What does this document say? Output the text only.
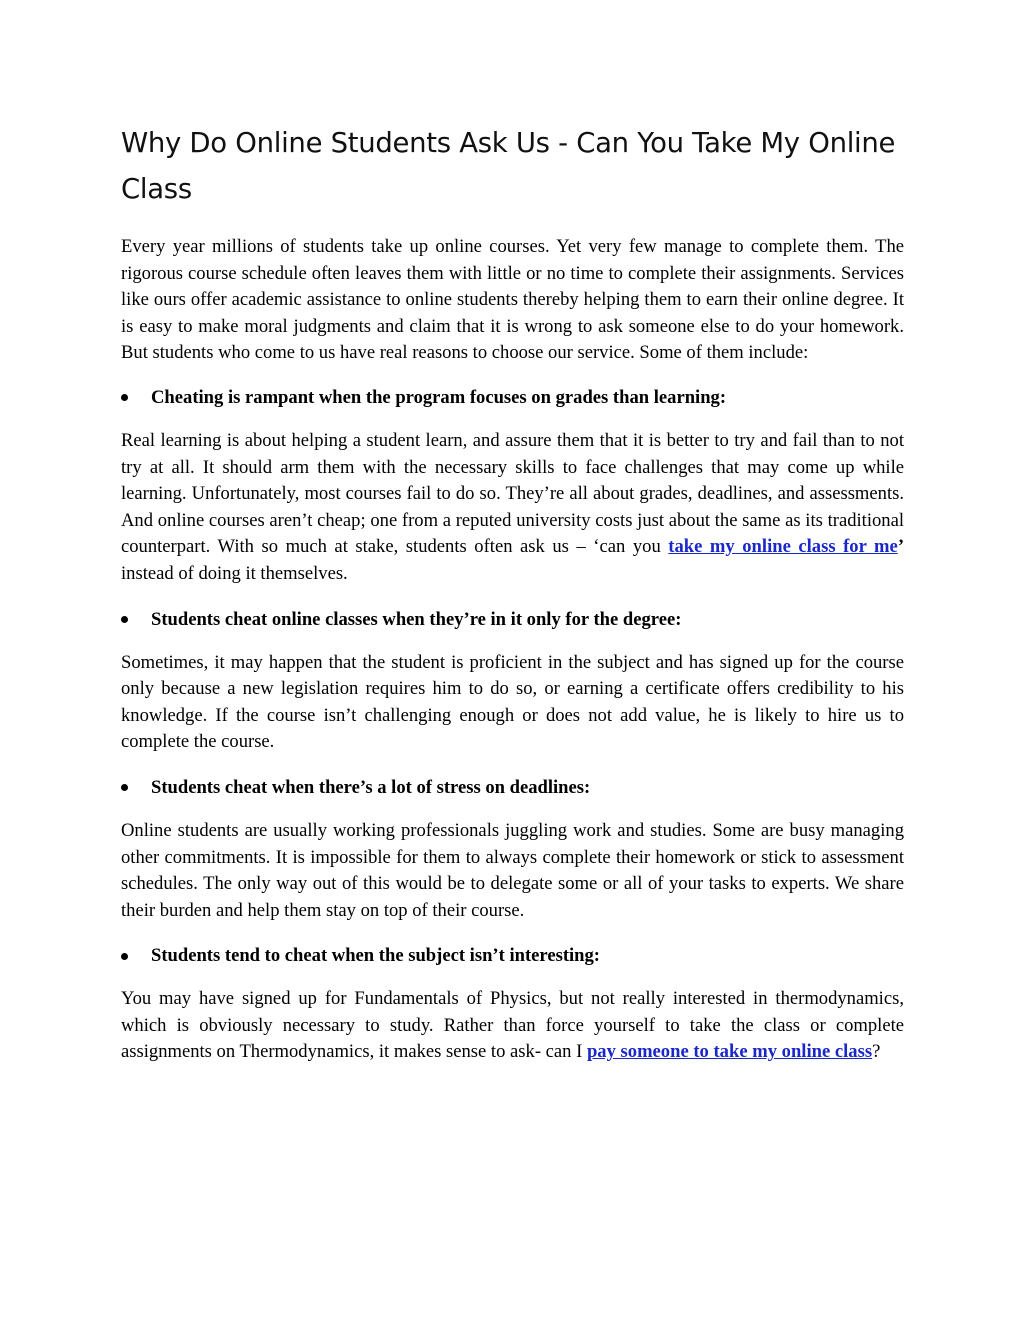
Why Do Online Students Ask Us - Can You Take My Online Class

Every year millions of students take up online courses. Yet very few manage to complete them. The rigorous course schedule often leaves them with little or no time to complete their assignments. Services like ours offer academic assistance to online students thereby helping them to earn their online degree. It is easy to make moral judgments and claim that it is wrong to ask someone else to do your homework. But students who come to us have real reasons to choose our service. Some of them include:

Cheating is rampant when the program focuses on grades than learning:

Real learning is about helping a student learn, and assure them that it is better to try and fail than to not try at all. It should arm them with the necessary skills to face challenges that may come up while learning. Unfortunately, most courses fail to do so. They’re all about grades, deadlines, and assessments. And online courses aren’t cheap; one from a reputed university costs just about the same as its traditional counterpart. With so much at stake, students often ask us – ‘can you take my online class for me’ instead of doing it themselves.

Students cheat online classes when they’re in it only for the degree:

Sometimes, it may happen that the student is proficient in the subject and has signed up for the course only because a new legislation requires him to do so, or earning a certificate offers credibility to his knowledge. If the course isn’t challenging enough or does not add value, he is likely to hire us to complete the course.

Students cheat when there’s a lot of stress on deadlines:

Online students are usually working professionals juggling work and studies. Some are busy managing other commitments. It is impossible for them to always complete their homework or stick to assessment schedules. The only way out of this would be to delegate some or all of your tasks to experts. We share their burden and help them stay on top of their course.

Students tend to cheat when the subject isn’t interesting:

You may have signed up for Fundamentals of Physics, but not really interested in thermodynamics, which is obviously necessary to study. Rather than force yourself to take the class or complete assignments on Thermodynamics, it makes sense to ask- can I pay someone to take my online class?
